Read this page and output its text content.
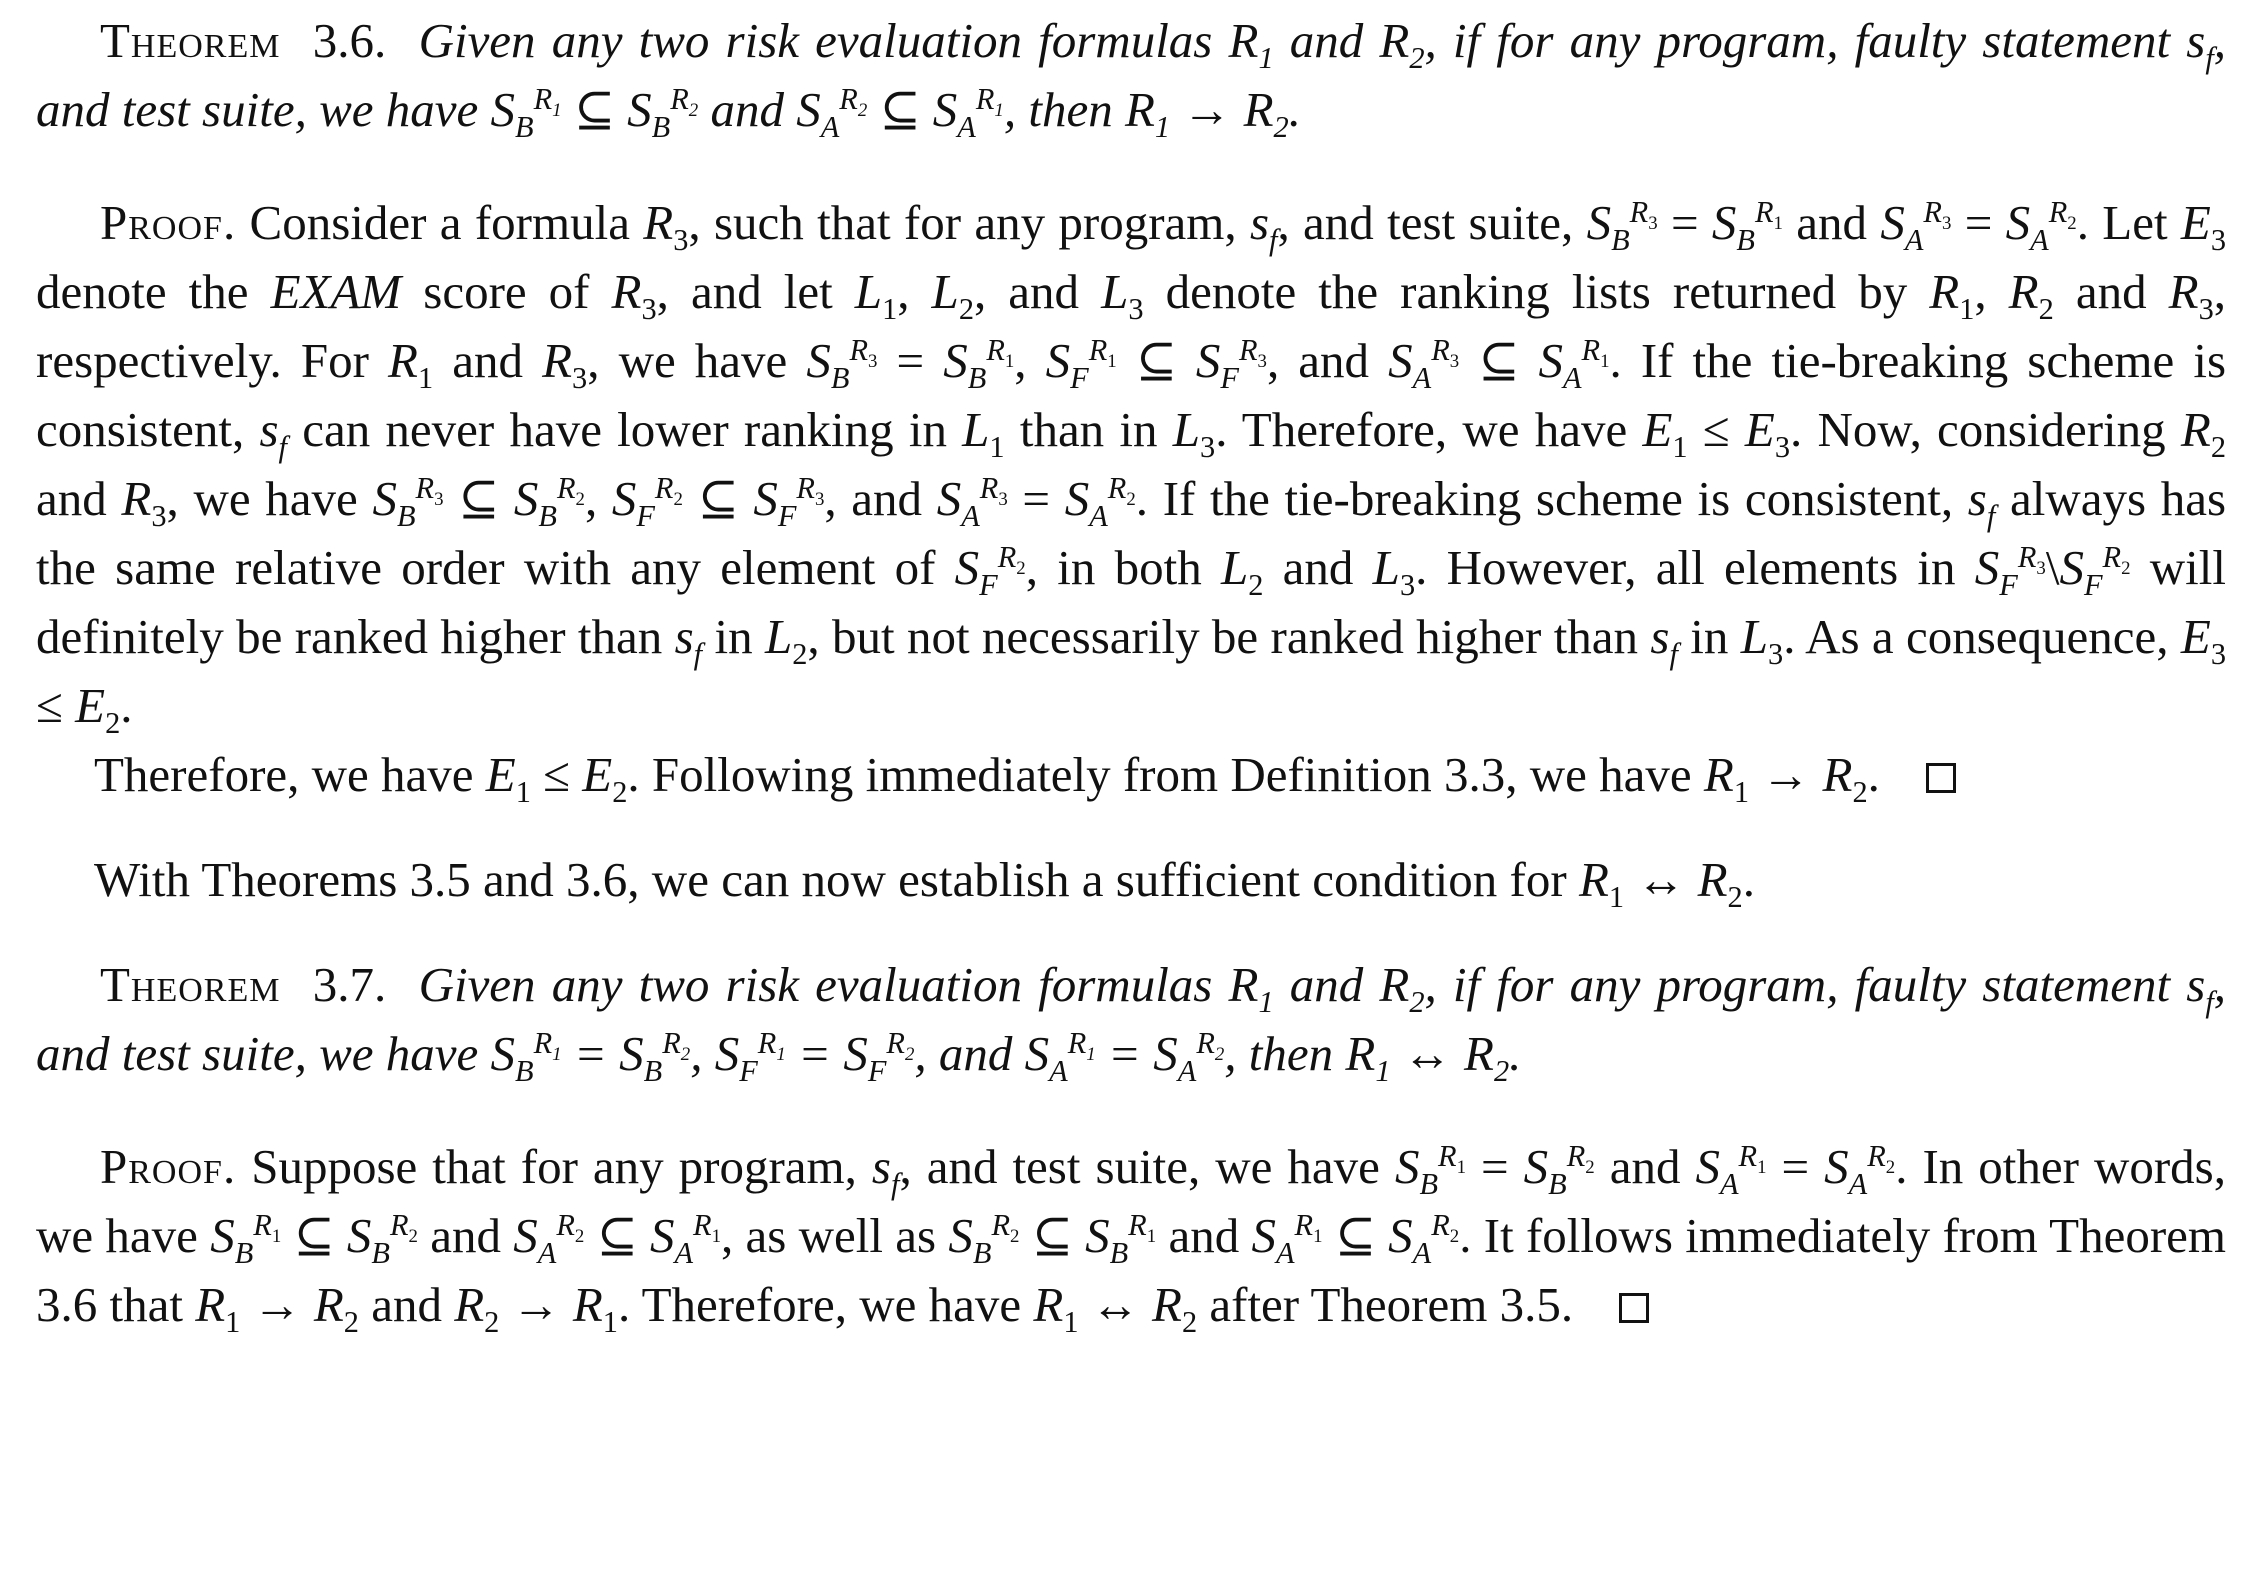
Theorem 3.6. Given any two risk evaluation formulas $R_1$ and $R_2$, if for any program, faulty statement $s_f$, and test suite, we have $S_B^{R_1}$ ⊆ $S_B^{R_2}$ and $S_A^{R_2}$ ⊆ $S_A^{R_1}$, then $R_1 \to R_2$.

Proof. Consider a formula $R_3$, such that for any program, $s_f$, and test suite, $S_B^{R_3} = S_B^{R_1}$ and $S_A^{R_3} = S_A^{R_2}$. Let $E_3$ denote the EXAM score of $R_3$, and let $L_1$, $L_2$, and $L_3$ denote the ranking lists returned by $R_1$, $R_2$ and $R_3$, respectively. For $R_1$ and $R_3$, we have $S_B^{R_3} = S_B^{R_1}$, $S_F^{R_1}$ ⊆ $S_F^{R_3}$, and $S_A^{R_3}$ ⊆ $S_A^{R_1}$. If the tie-breaking scheme is consistent, $s_f$ can never have lower ranking in $L_1$ than in $L_3$. Therefore, we have $E_1 \le E_3$. Now, considering $R_2$ and $R_3$, we have $S_B^{R_3}$ ⊆ $S_B^{R_2}$, $S_F^{R_2}$ ⊆ $S_F^{R_3}$, and $S_A^{R_3} = S_A^{R_2}$. If the tie-breaking scheme is consistent, $s_f$ always has the same relative order with any element of $S_F^{R_2}$, in both $L_2$ and $L_3$. However, all elements in $S_F^{R_3}\backslash S_F^{R_2}$ will definitely be ranked higher than $s_f$ in $L_2$, but not necessarily be ranked higher than $s_f$ in $L_3$. As a consequence, $E_3 \le E_2$.

Therefore, we have $E_1 \le E_2$. Following immediately from Definition 3.3, we have $R_1 \to R_2$.

With Theorems 3.5 and 3.6, we can now establish a sufficient condition for $R_1$ ↔ $R_2$.

Theorem 3.7. Given any two risk evaluation formulas $R_1$ and $R_2$, if for any program, faulty statement $s_f$, and test suite, we have $S_B^{R_1} = S_B^{R_2}$, $S_F^{R_1} = S_F^{R_2}$, and $S_A^{R_1} = S_A^{R_2}$, then $R_1$ ↔ $R_2$.

Proof. Suppose that for any program, $s_f$, and test suite, we have $S_B^{R_1} = S_B^{R_2}$ and $S_A^{R_1} = S_A^{R_2}$. In other words, we have $S_B^{R_1}$ ⊆ $S_B^{R_2}$ and $S_A^{R_2}$ ⊆ $S_A^{R_1}$, as well as $S_B^{R_2}$ ⊆ $S_B^{R_1}$ and $S_A^{R_1}$ ⊆ $S_A^{R_2}$. It follows immediately from Theorem 3.6 that $R_1 \to R_2$ and $R_2 \to R_1$. Therefore, we have $R_1$ ↔ $R_2$ after Theorem 3.5.
